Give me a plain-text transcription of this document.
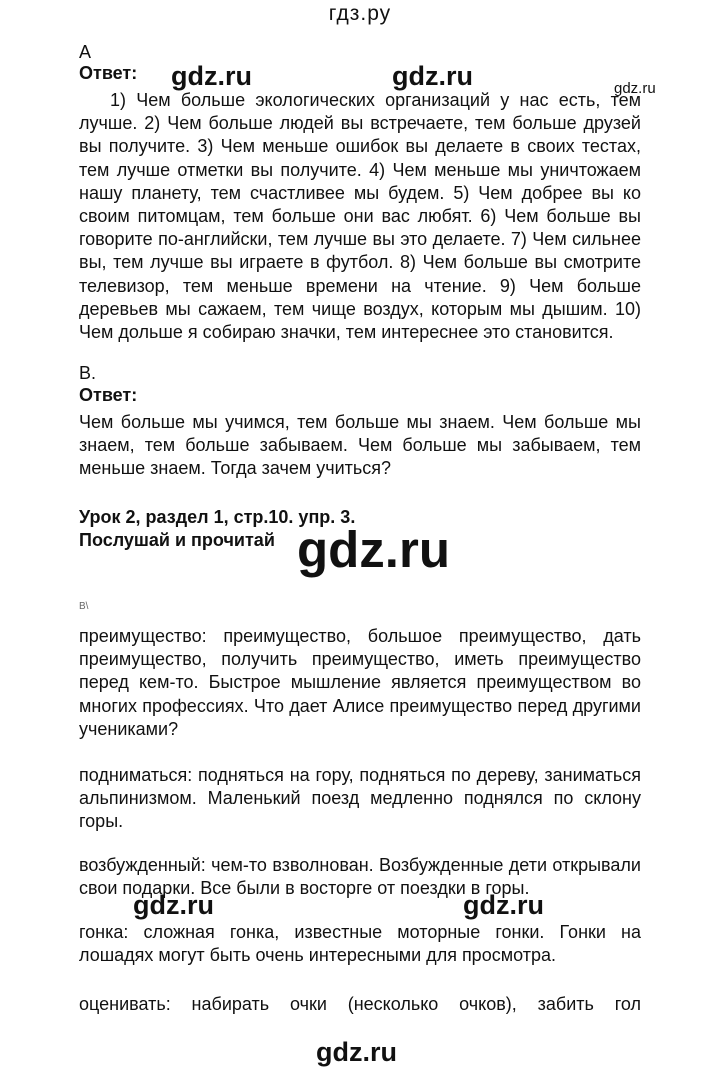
гдз.ру
gdz.ru	gdz.ru	gdz.ru
A
Ответ:

1) Чем больше экологических организаций у нас есть, тем лучше. 2) Чем больше людей вы встречаете, тем больше друзей вы получите. 3) Чем меньше ошибок вы делаете в своих тестах, тем лучше отметки вы получите. 4) Чем меньше мы уничтожаем нашу планету, тем счастливее мы будем. 5) Чем добрее вы ко своим питомцам, тем больше они вас любят. 6) Чем больше вы говорите по-английски, тем лучше вы это делаете. 7) Чем сильнее вы, тем лучше вы играете в футбол. 8) Чем больше вы смотрите телевизор, тем меньше времени на чтение. 9) Чем больше деревьев мы сажаем, тем чище воздух, которым мы дышим. 10) Чем дольше я собираю значки, тем интереснее это становится.

B.
Ответ:

Чем больше мы учимся, тем больше мы знаем. Чем больше мы знаем, тем больше забываем. Чем больше мы забываем, тем меньше знаем. Тогда зачем учиться?

Урок 2, раздел 1, стр.10. упр. 3.
Послушай и прочитай gdz.ru
B\

преимущество: преимущество, большое преимущество, дать преимущество, получить преимущество, иметь преимущество перед кем-то. Быстрое мышление является преимуществом во многих профессиях. Что дает Алисе преимущество перед другими учениками?

подниматься: подняться на гору, подняться по дереву, заниматься альпинизмом. Маленький поезд медленно поднялся по склону горы.

возбужденный: чем-то взволнован. Возбужденные дети открывали свои подарки. Все были в восторге от поездки в горы.

gdz.ru	gdz.ru

гонка: сложная гонка, известные моторные гонки. Гонки на лошадях могут быть очень интересными для просмотра.

оценивать: набирать очки (несколько очков), забить гол

gdz.ru
